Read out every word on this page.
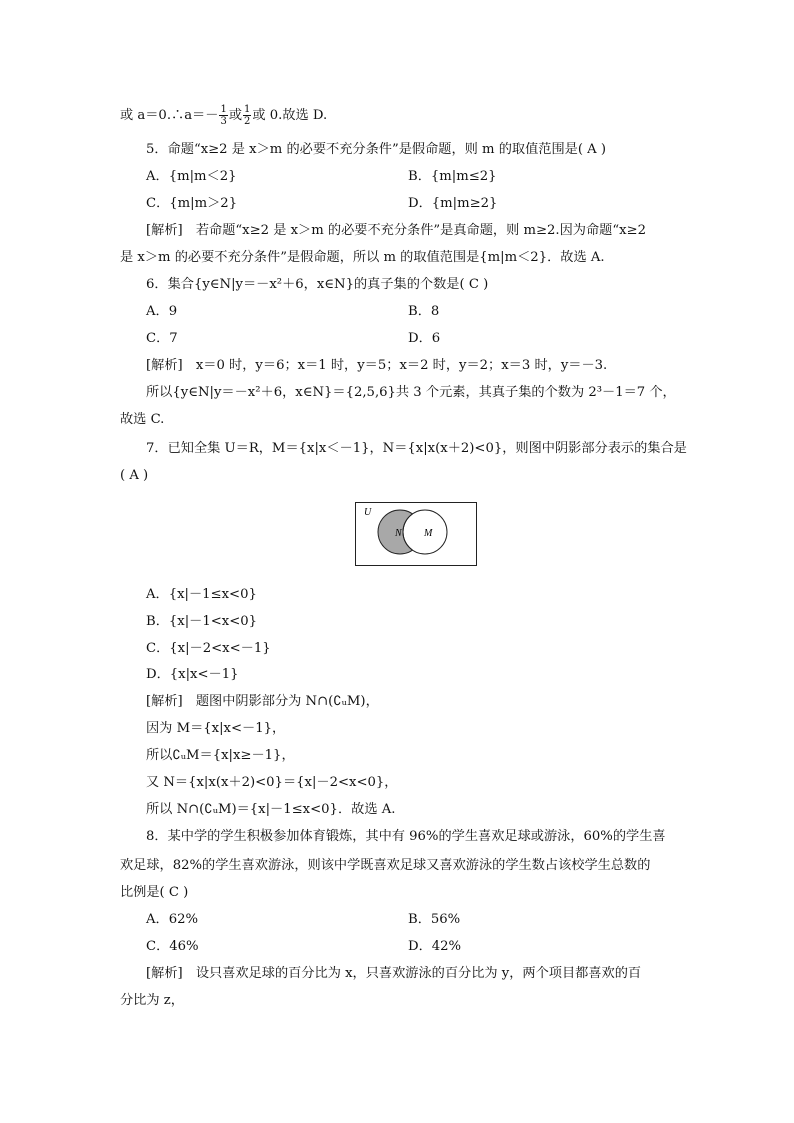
或 a＝0.∴a＝－ $\frac{1}{3}$ 或 $\frac{1}{2}$ 或 0.故选 D.
5．命题“x≥2 是 x＞m 的必要不充分条件”是假命题，则 m 的取值范围是( A )
A．{m|m＜2}	B．{m|m≤2}
C．{m|m＞2}	D．{m|m≥2}
[解析]　若命题“x≥2 是 x＞m 的必要不充分条件”是真命题，则 m≥2.因为命题“x≥2
是 x＞m 的必要不充分条件”是假命题，所以 m 的取值范围是{m|m＜2}．故选 A.
6．集合{y∈N|y＝－x²＋6，x∈N}的真子集的个数是( C )
A．9	B．8
C．7	D．6
[解析]　x＝0 时，y＝6；x＝1 时，y＝5；x＝2 时，y＝2；x＝3 时，y＝－3.
所以{y∈N|y＝－x²＋6，x∈N}＝{2,5,6}共 3 个元素，其真子集的个数为 2³－1＝7 个，
故选 C.
7．已知全集 U＝R，M＝{x|x＜－1}，N＝{x|x(x＋2)<0}，则图中阴影部分表示的集合是
( A )
U
N M
A．{x|－1≤x<0}
B．{x|－1<x<0}
C．{x|－2<x<－1}
D．{x|x<－1}
[解析]　题图中阴影部分为 N∩(∁ᵤM)，
因为 M＝{x|x<－1}，
所以∁ᵤM＝{x|x≥－1}，
又 N＝{x|x(x＋2)<0}＝{x|－2<x<0}，
所以 N∩(∁ᵤM)＝{x|－1≤x<0}．故选 A.
8．某中学的学生积极参加体育锻炼，其中有 96%的学生喜欢足球或游泳，60%的学生喜
欢足球，82%的学生喜欢游泳，则该中学既喜欢足球又喜欢游泳的学生数占该校学生总数的
比例是( C )
A．62%	B．56%
C．46%	D．42%
[解析]　设只喜欢足球的百分比为 x，只喜欢游泳的百分比为 y，两个项目都喜欢的百
分比为 z，
